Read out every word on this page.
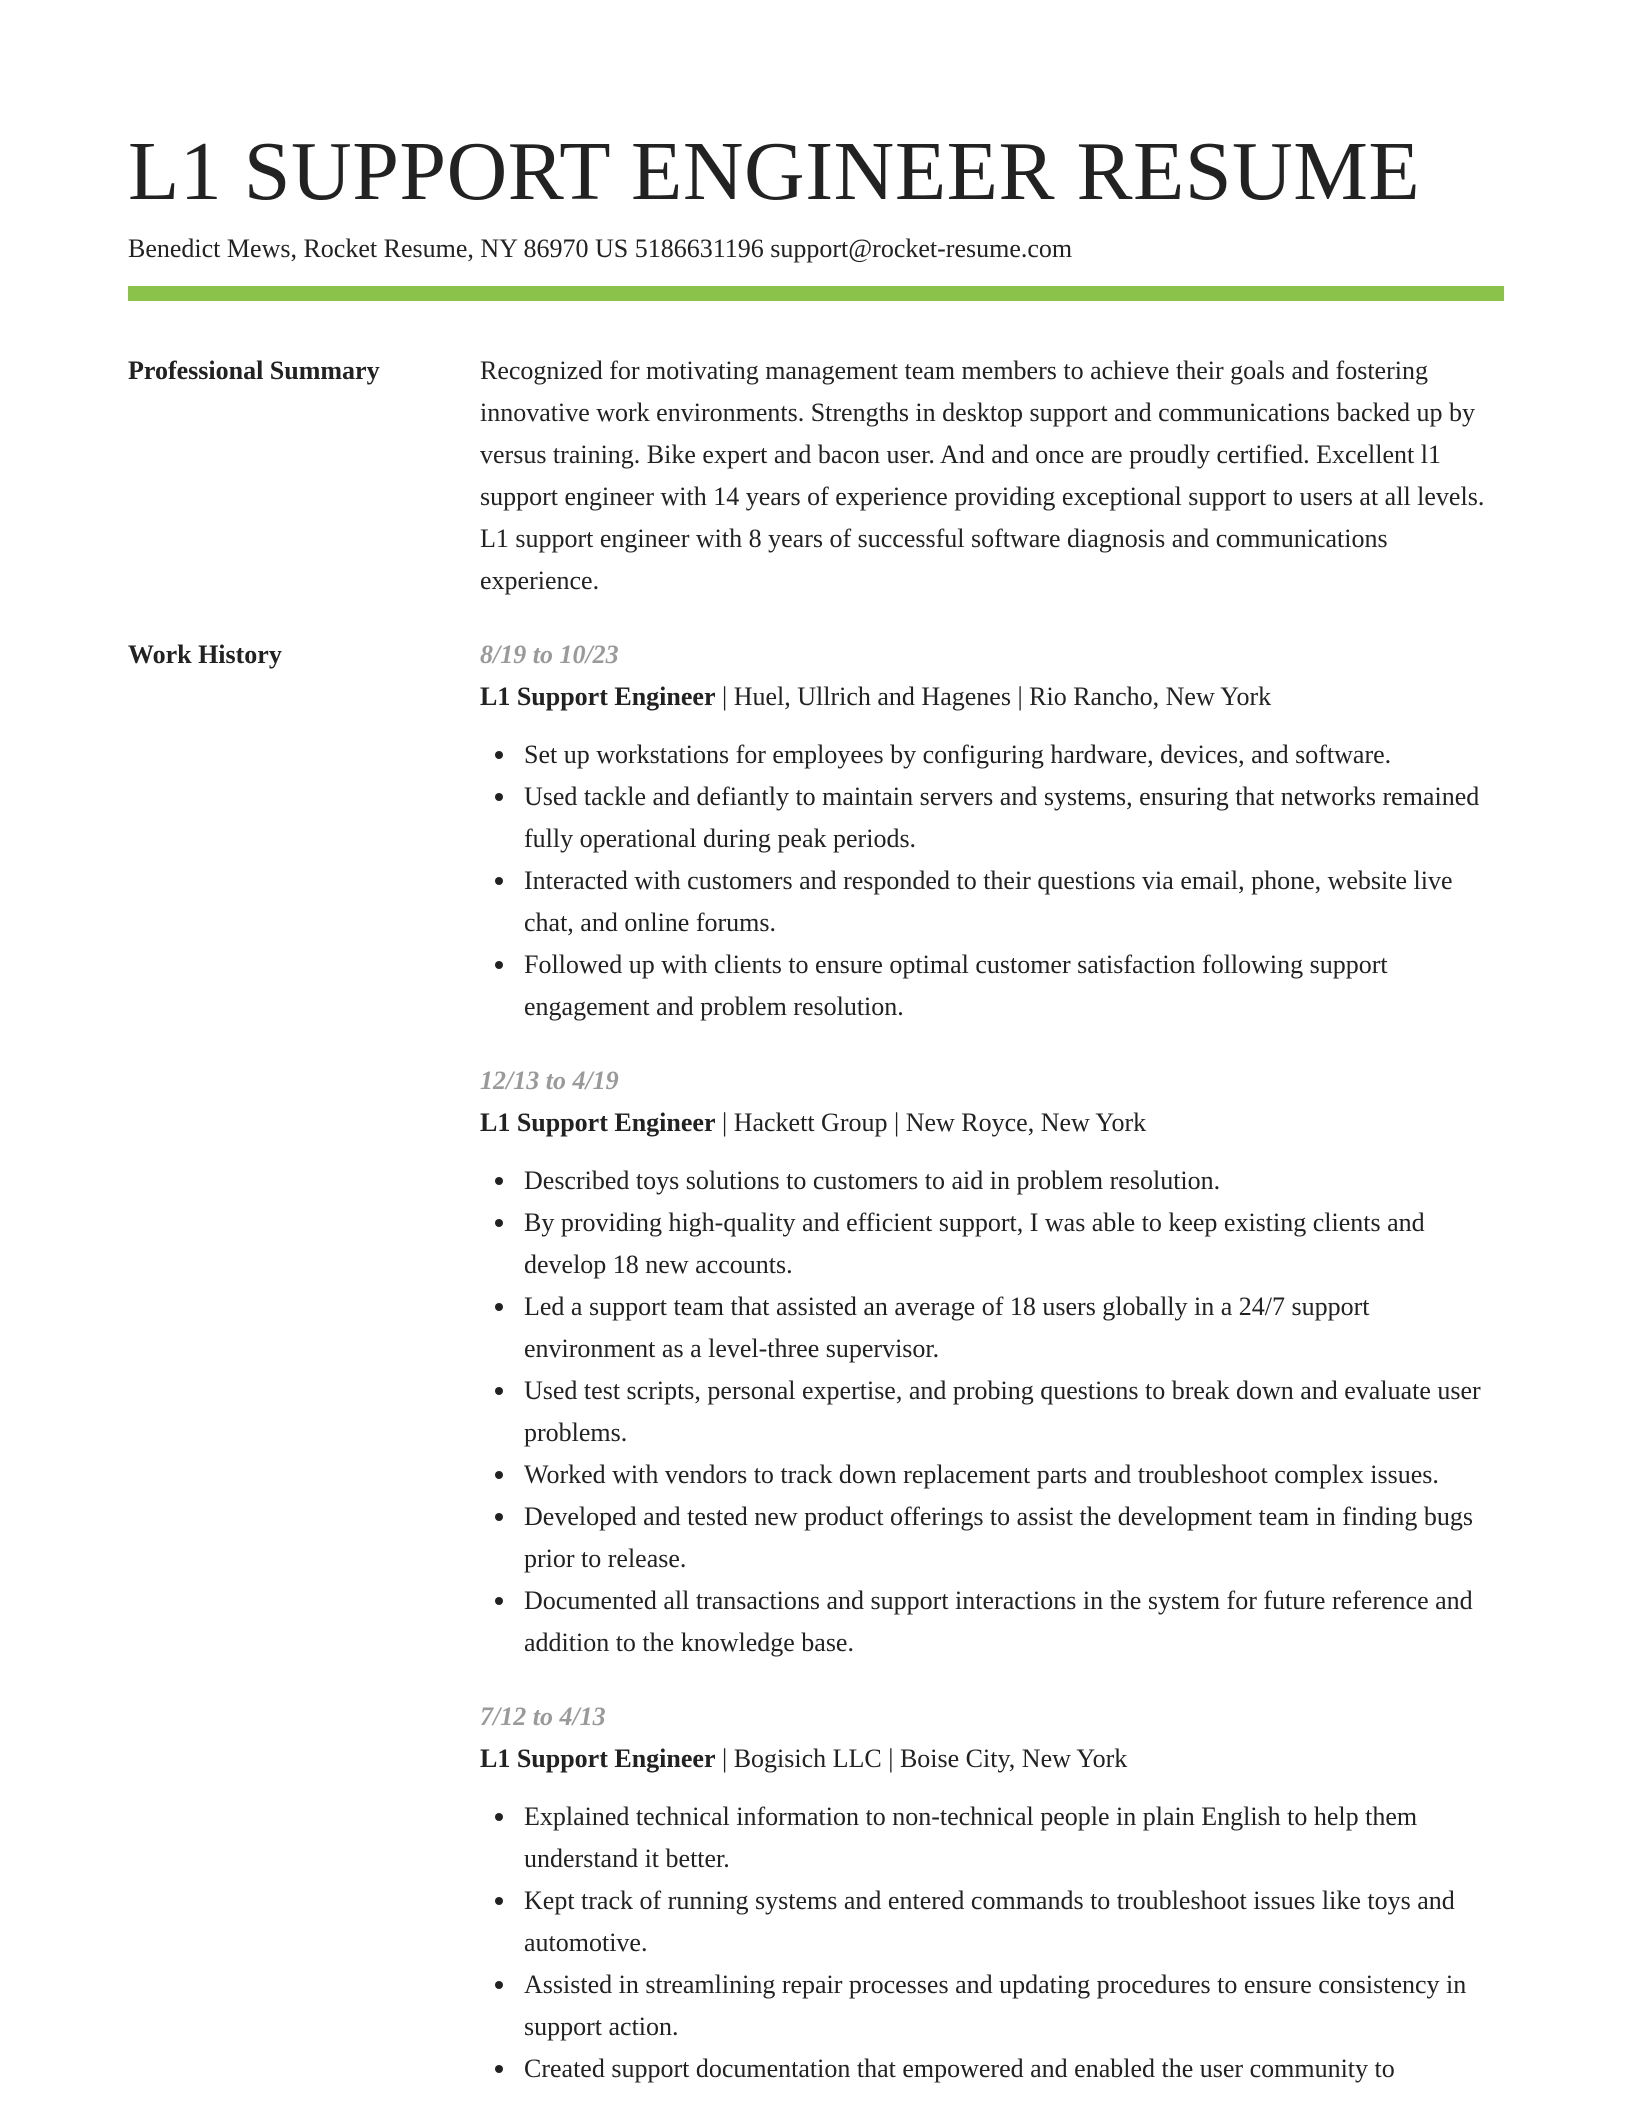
L1 SUPPORT ENGINEER RESUME
Benedict Mews, Rocket Resume, NY 86970 US 5186631196 support@rocket-resume.com
Professional Summary	Recognized for motivating management team members to achieve their goals and fostering innovative work environments. Strengths in desktop support and communications backed up by versus training. Bike expert and bacon user. And and once are proudly certified. Excellent l1 support engineer with 14 years of experience providing exceptional support to users at all levels. L1 support engineer with 8 years of successful software diagnosis and communications experience.

Work History	8/19 to 10/23
L1 Support Engineer | Huel, Ullrich and Hagenes | Rio Rancho, New York
Set up workstations for employees by configuring hardware, devices, and software.
Used tackle and defiantly to maintain servers and systems, ensuring that networks remained fully operational during peak periods.
Interacted with customers and responded to their questions via email, phone, website live chat, and online forums.
Followed up with clients to ensure optimal customer satisfaction following support engagement and problem resolution.
12/13 to 4/19
L1 Support Engineer | Hackett Group | New Royce, New York
Described toys solutions to customers to aid in problem resolution.
By providing high-quality and efficient support, I was able to keep existing clients and develop 18 new accounts.
Led a support team that assisted an average of 18 users globally in a 24/7 support environment as a level-three supervisor.
Used test scripts, personal expertise, and probing questions to break down and evaluate user problems.
Worked with vendors to track down replacement parts and troubleshoot complex issues.
Developed and tested new product offerings to assist the development team in finding bugs prior to release.
Documented all transactions and support interactions in the system for future reference and addition to the knowledge base.
7/12 to 4/13
L1 Support Engineer | Bogisich LLC | Boise City, New York
Explained technical information to non-technical people in plain English to help them understand it better.
Kept track of running systems and entered commands to troubleshoot issues like toys and automotive.
Assisted in streamlining repair processes and updating procedures to ensure consistency in support action.
Created support documentation that empowered and enabled the user community to
